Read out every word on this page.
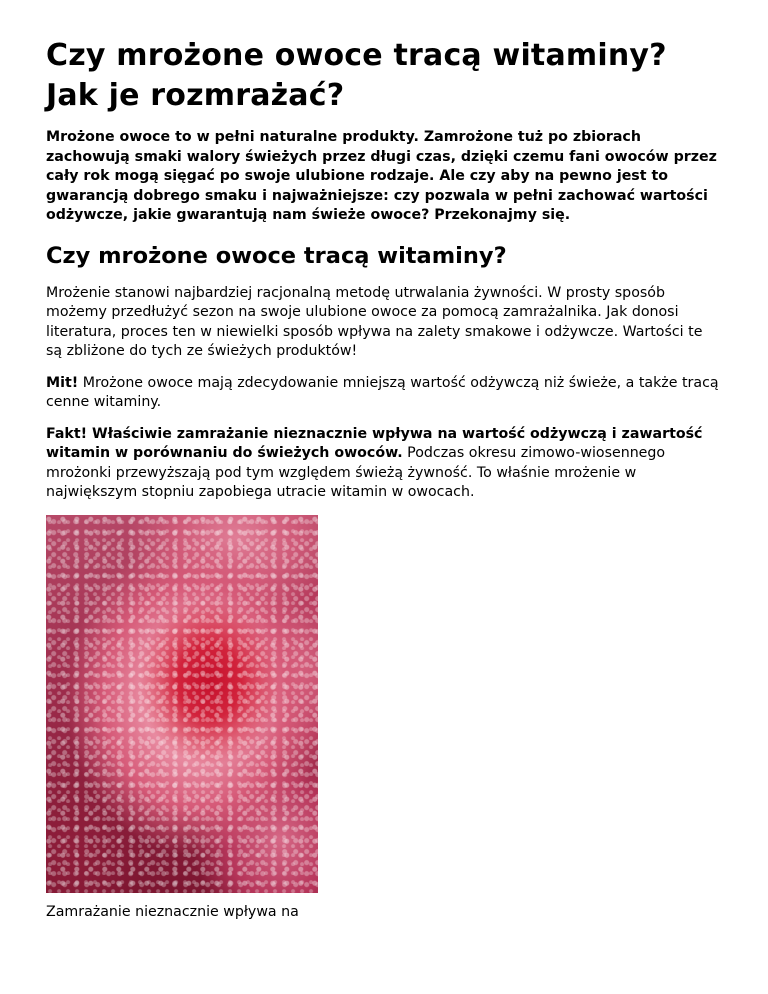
Czy mrożone owoce tracą witaminy?
Jak je rozmrażać?

Mrożone owoce to w pełni naturalne produkty. Zamrożone tuż po zbiorach zachowują smaki walory świeżych przez długi czas, dzięki czemu fani owoców przez cały rok mogą sięgać po swoje ulubione rodzaje. Ale czy aby na pewno jest to gwarancją dobrego smaku i najważniejsze: czy pozwala w pełni zachować wartości odżywcze, jakie gwarantują nam świeże owoce? Przekonajmy się.

Czy mrożone owoce tracą witaminy?

Mrożenie stanowi najbardziej racjonalną metodę utrwalania żywności. W prosty sposób możemy przedłużyć sezon na swoje ulubione owoce za pomocą zamrażalnika. Jak donosi literatura, proces ten w niewielki sposób wpływa na zalety smakowe i odżywcze. Wartości te są zbliżone do tych ze świeżych produktów!

Mit! Mrożone owoce mają zdecydowanie mniejszą wartość odżywczą niż świeże, a także tracą cenne witaminy.

Fakt! Właściwie zamrażanie nieznacznie wpływa na wartość odżywczą i zawartość witamin w porównaniu do świeżych owoców. Podczas okresu zimowo-wiosennego mrożonki przewyższają pod tym względem świeżą żywność. To właśnie mrożenie w największym stopniu zapobiega utracie witamin w owocach.

Zamrażanie nieznacznie wpływa na
